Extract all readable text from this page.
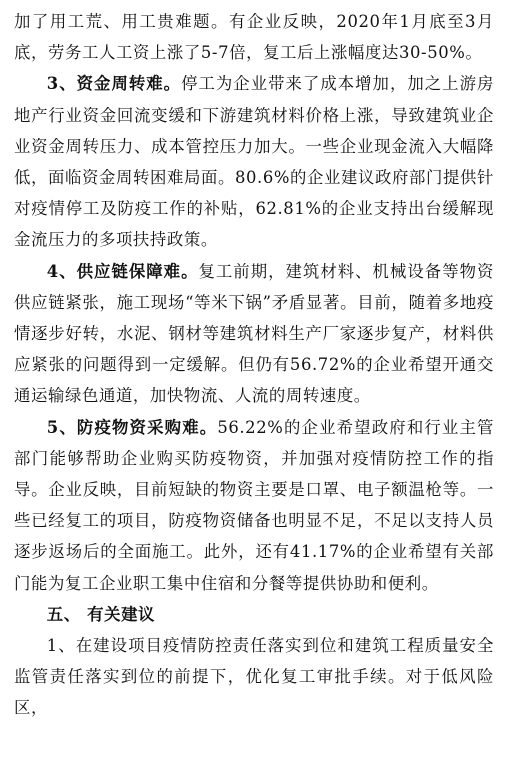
加了用工荒、用工贵难题。有企业反映，2020年1月底至3月底，劳务工人工资上涨了5-7倍，复工后上涨幅度达30-50%。

3、资金周转难。停工为企业带来了成本增加，加之上游房地产行业资金回流变缓和下游建筑材料价格上涨，导致建筑业企业资金周转压力、成本管控压力加大。一些企业现金流入大幅降低，面临资金周转困难局面。80.6%的企业建议政府部门提供针对疫情停工及防疫工作的补贴，62.81%的企业支持出台缓解现金流压力的多项扶持政策。

4、供应链保障难。复工前期，建筑材料、机械设备等物资供应链紧张，施工现场“等米下锅”矛盾显著。目前，随着多地疫情逐步好转，水泥、钢材等建筑材料生产厂家逐步复产，材料供应紧张的问题得到一定缓解。但仍有56.72%的企业希望开通交通运输绿色通道，加快物流、人流的周转速度。

5、防疫物资采购难。56.22%的企业希望政府和行业主管部门能够帮助企业购买防疫物资，并加强对疫情防控工作的指导。企业反映，目前短缺的物资主要是口罩、电子额温枪等。一些已经复工的项目，防疫物资储备也明显不足，不足以支持人员逐步返场后的全面施工。此外，还有41.17%的企业希望有关部门能为复工企业职工集中住宿和分餐等提供协助和便利。

五、 有关建议

1、在建设项目疫情防控责任落实到位和建筑工程质量安全监管责任落实到位的前提下，优化复工审批手续。对于低风险区，
